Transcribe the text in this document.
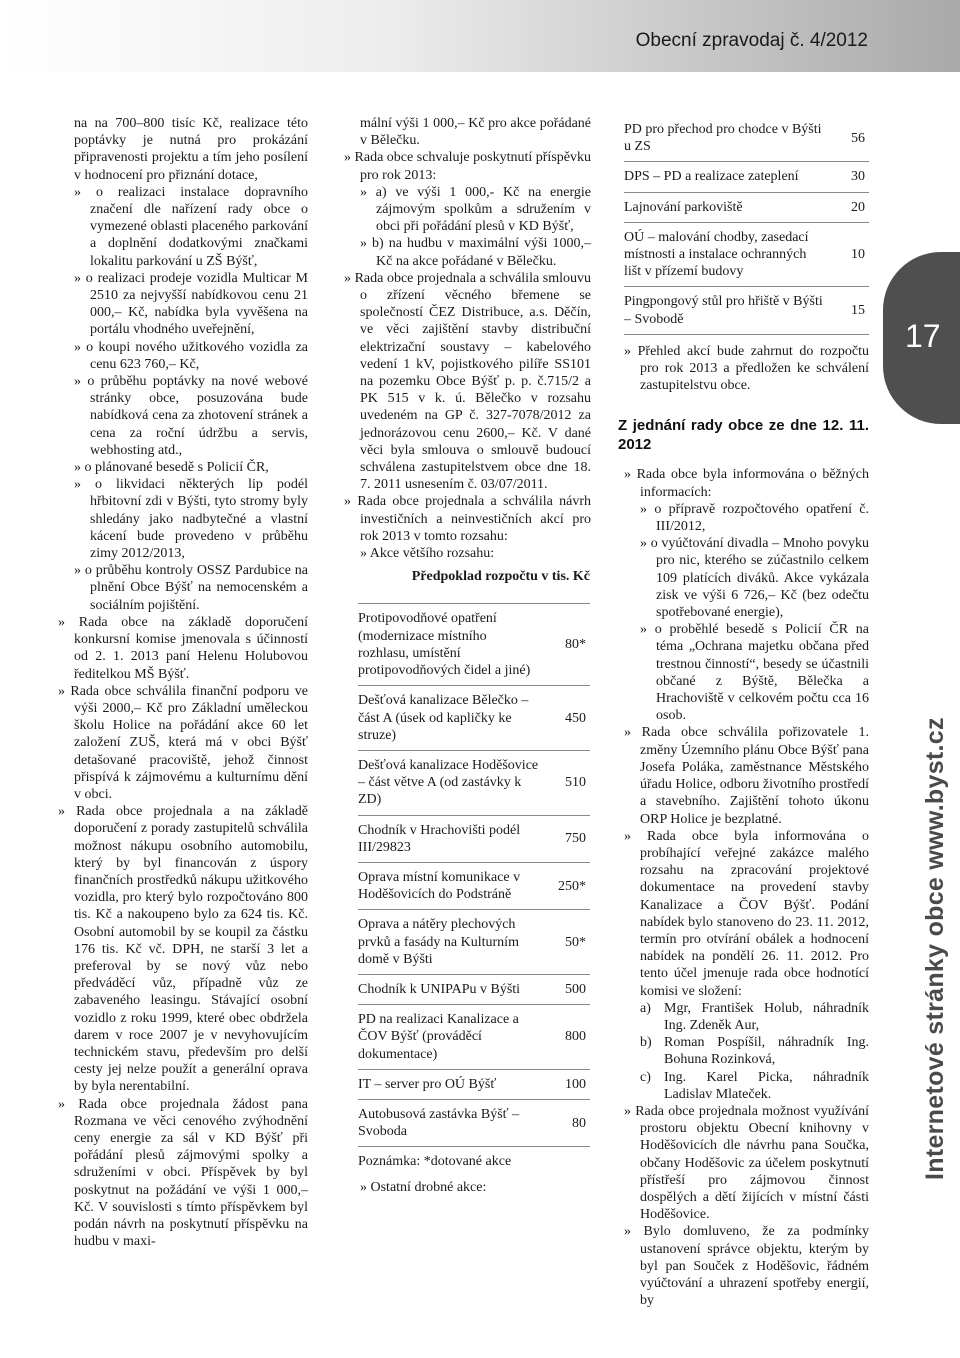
Obecní zpravodaj č. 4/2012
17
Internetové stránky obce www.byst.cz

na na 700–800 tisíc Kč, realizace této poptávky je nutná pro prokázání připravenosti projektu a tím jeho posílení v hodnocení pro přiznání dotace,

» o realizaci instalace dopravního značení dle nařízení rady obce o vymezené oblasti placeného parkování a doplnění dodatkovými značkami lokalitu parkování u ZŠ Býšť,

» o realizaci prodeje vozidla Multicar M 2510 za nejvyšší nabídkovou cenu 21 000,– Kč, nabídka byla vyvěšena na portálu vhodného uveřejnění,

» o koupi nového užitkového vozidla za cenu 623 760,– Kč,

» o průběhu poptávky na nové webové stránky obce, posuzována bude nabídková cena za zhotovení stránek a cena za roční údržbu a servis, webhosting atd.,

» o plánované besedě s Policií ČR,

» o likvidaci některých lip podél hřbitovní zdi v Býšti, tyto stromy byly shledány jako nadbytečné a vlastní kácení bude provedeno v průběhu zimy 2012/2013,

» o průběhu kontroly OSSZ Pardubice na plnění Obce Býšť na nemocenském a sociálním pojištění.

» Rada obce na základě doporučení konkursní komise jmenovala s účinností od 2. 1. 2013 paní Helenu Holubovou ředitelkou MŠ Býšť.

» Rada obce schválila finanční podporu ve výši 2000,– Kč pro Základní uměleckou školu Holice na pořádání akce 60 let založení ZUŠ, která má v obci Býšť detašované pracoviště, jehož činnost přispívá k zájmovému a kulturnímu dění v obci.

» Rada obce projednala a na základě doporučení z porady zastupitelů schválila možnost nákupu osobního automobilu, který by byl financován z úspory finančních prostředků nákupu užitkového vozidla, pro který bylo rozpočtováno 800 tis. Kč a nakoupeno bylo za 624 tis. Kč. Osobní automobil by se koupil za částku 176 tis. Kč vč. DPH, ne starší 3 let a preferoval by se nový vůz nebo předváděcí vůz, případně vůz ze zabaveného leasingu. Stávající osobní vozidlo z roku 1999, které obec obdržela darem v roce 2007 je v nevyhovujícím technickém stavu, především pro delší cesty jej nelze použít a generální oprava by byla nerentabilní.

» Rada obce projednala žádost pana Rozmana ve věci cenového zvýhodnění ceny energie za sál v KD Býšť při pořádání plesů zájmovými spolky a sdruženími v obci. Příspěvek by byl poskytnut na požádání ve výši 1 000,– Kč. V souvislosti s tímto příspěvkem byl podán návrh na poskytnutí příspěvku na hudbu v maxi-

mální výši 1 000,– Kč pro akce pořádané v Bělečku.

» Rada obce schvaluje poskytnutí příspěvku pro rok 2013:

» a) ve výši 1 000,- Kč na energie zájmovým spolkům a sdružením v obci při pořádání plesů v KD Býšť,

» b) na hudbu v maximální výši 1000,– Kč na akce pořádané v Bělečku.

» Rada obce projednala a schválila smlouvu o zřízení věcného břemene se společností ČEZ Distribuce, a.s. Děčín, ve věci zajištění stavby distribuční elektrizační soustavy – kabelového vedení 1 kV, pojistkového pilíře SS101 na pozemku Obce Býšť p. p. č.715/2 a PK 515 v k. ú. Bělečko v rozsahu uvedeném na GP č. 327-7078/2012 za jednorázovou cenu 2600,– Kč. V dané věci byla smlouva o smlouvě budoucí schválena zastupitelstvem obce dne 18. 7. 2011 usnesením č. 03/07/2011.

» Rada obce projednala a schválila návrh investičních a neinvestičních akcí pro rok 2013 v tomto rozsahu:

» Akce většího rozsahu:

Předpoklad rozpočtu v tis. Kč	
Protipovodňové opatření (modernizace místního rozhlasu, umístění protipovodňových čidel a jiné)	80*
Dešťová kanalizace Bělečko – část A (úsek od kapličky ke struze)	450
Dešťová kanalizace Hoděšovice – část větve A (od zastávky k ZD)	510
Chodník v Hrachovišti podél III/29823	750
Oprava místní komunikace v Hoděšovicích do Podstráně	250*
Oprava a nátěry plechových prvků a fasády na Kulturním domě v Býšti	50*
Chodník k UNIPAPu v Býšti	500
PD na realizaci Kanalizace a ČOV Býšť (prováděcí dokumentace)	800
IT – server pro OÚ Býšť	100
Autobusová zastávka Býšť – Svoboda	80
Poznámka: *dotované akce	

» Ostatní drobné akce:

PD pro přechod pro chodce v Býšti u ZS	56
DPS – PD a realizace zateplení	30
Lajnování parkoviště	20
OÚ – malování chodby, zasedací místnosti a instalace ochranných lišt v přízemí budovy	10
Pingpongový stůl pro hřiště v Býšti – Svobodě	15

» Přehled akcí bude zahrnut do rozpočtu pro rok 2013 a předložen ke schválení zastupitelstvu obce.

Z jednání rady obce ze dne 12. 11. 2012

» Rada obce byla informována o běžných informacích:

» o přípravě rozpočtového opatření č. III/2012,

» o vyúčtování divadla – Mnoho povyku pro nic, kterého se zúčastnilo celkem 109 platících diváků. Akce vykázala zisk ve výši 6 726,– Kč (bez odečtu spotřebované energie),

» o proběhlé besedě s Policií ČR na téma „Ochrana majetku občana před trestnou činností“, besedy se účastnili občané z Býště, Bělečka a Hrachoviště v celkovém počtu cca 16 osob.

» Rada obce schválila pořizovatele 1. změny Územního plánu Obce Býšť pana Josefa Poláka, zaměstnance Městského úřadu Holice, odboru životního prostředí a stavebního. Zajištění tohoto úkonu ORP Holice je bezplatné.

» Rada obce byla informována o probíhající veřejné zakázce malého rozsahu na zpracování projektové dokumentace na provedení stavby Kanalizace a ČOV Býšť. Podání nabídek bylo stanoveno do 23. 11. 2012, termín pro otvírání obálek a hodnocení nabídek na pondělí 26. 11. 2012. Pro tento účel jmenuje rada obce hodnotící komisi ve složení:

a) Mgr, František Holub, náhradník Ing. Zdeněk Aur,
b) Roman Pospíšil, náhradník Ing. Bohuna Rozinková,
c) Ing. Karel Picka, náhradník Ladislav Mlateček.

» Rada obce projednala možnost využívání prostoru objektu Obecní knihovny v Hoděšovicích dle návrhu pana Součka, občany Hoděšovic za účelem poskytnutí přístřeší pro zájmovou činnost dospělých a dětí žijících v místní části Hoděšovice.

» Bylo domluveno, že za podmínky ustanovení správce objektu, kterým by byl pan Souček z Hoděšovic, řádném vyúčtování a uhrazení spotřeby energií, by
